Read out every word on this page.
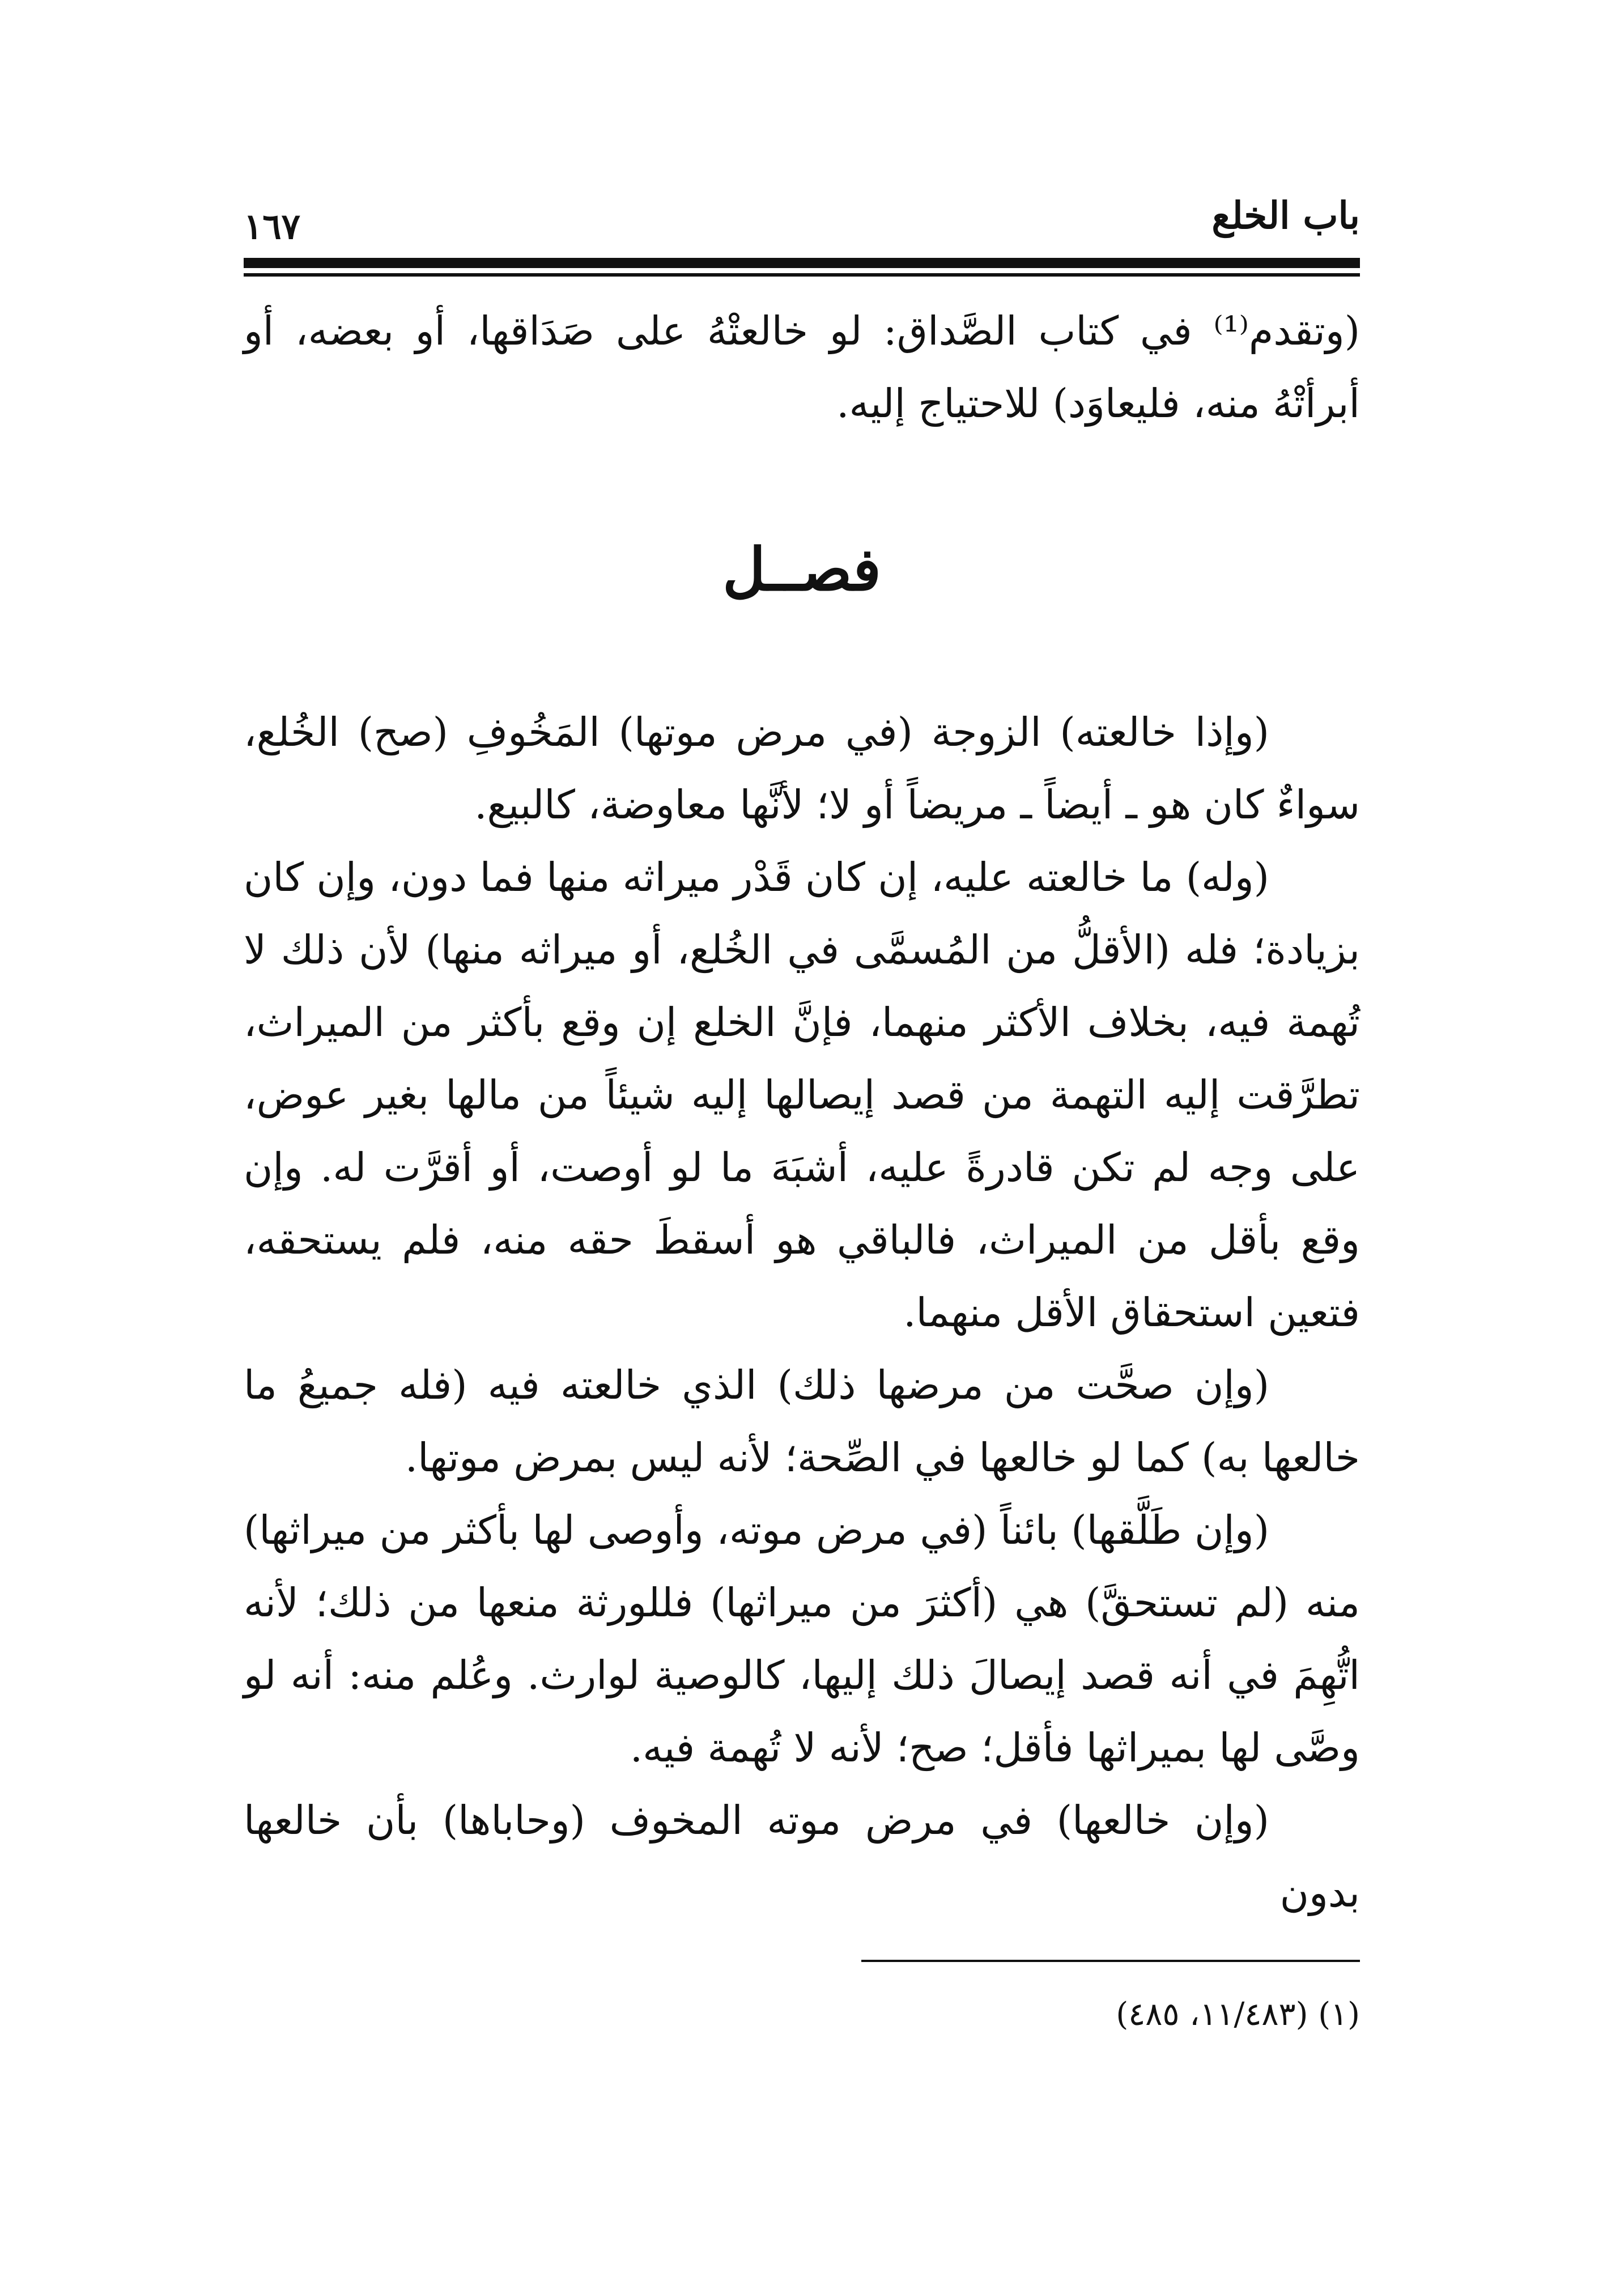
باب الخلع
١٦٧

(وتقدم⁽¹⁾ في كتاب الصَّداق: لو خالعتْهُ على صَدَاقها، أو بعضه، أو أبرأتْهُ منه، فليعاوَد) للاحتياج إليه.

فصــل

(وإذا خالعته) الزوجة (في مرض موتها) المَخُوفِ (صح) الخُلع، سواءٌ كان هو ـ أيضاً ـ مريضاً أو لا؛ لأنَّها معاوضة، كالبيع.

(وله) ما خالعته عليه، إن كان قَدْر ميراثه منها فما دون، وإن كان بزيادة؛ فله (الأقلُّ من المُسمَّى في الخُلع، أو ميراثه منها) لأن ذلك لا تُهمة فيه، بخلاف الأكثر منهما، فإنَّ الخلع إن وقع بأكثر من الميراث، تطرَّقت إليه التهمة من قصد إيصالها إليه شيئاً من مالها بغير عوض، على وجه لم تكن قادرةً عليه، أشبَهَ ما لو أوصت، أو أقرَّت له. وإن وقع بأقل من الميراث، فالباقي هو أسقطَ حقه منه، فلم يستحقه، فتعين استحقاق الأقل منهما.

(وإن صحَّت من مرضها ذلك) الذي خالعته فيه (فله جميعُ ما خالعها به) كما لو خالعها في الصِّحة؛ لأنه ليس بمرض موتها.

(وإن طَلَّقها) بائناً (في مرض موته، وأوصى لها بأكثر من ميراثها) منه (لم تستحقَّ) هي (أكثرَ من ميراثها) فللورثة منعها من ذلك؛ لأنه اتُّهِمَ في أنه قصد إيصالَ ذلك إليها، كالوصية لوارث. وعُلم منه: أنه لو وصَّى لها بميراثها فأقل؛ صح؛ لأنه لا تُهمة فيه.

(وإن خالعها) في مرض موته المخوف (وحاباها) بأن خالعها بدون

(١) (١١/٤٨٣، ٤٨٥)
